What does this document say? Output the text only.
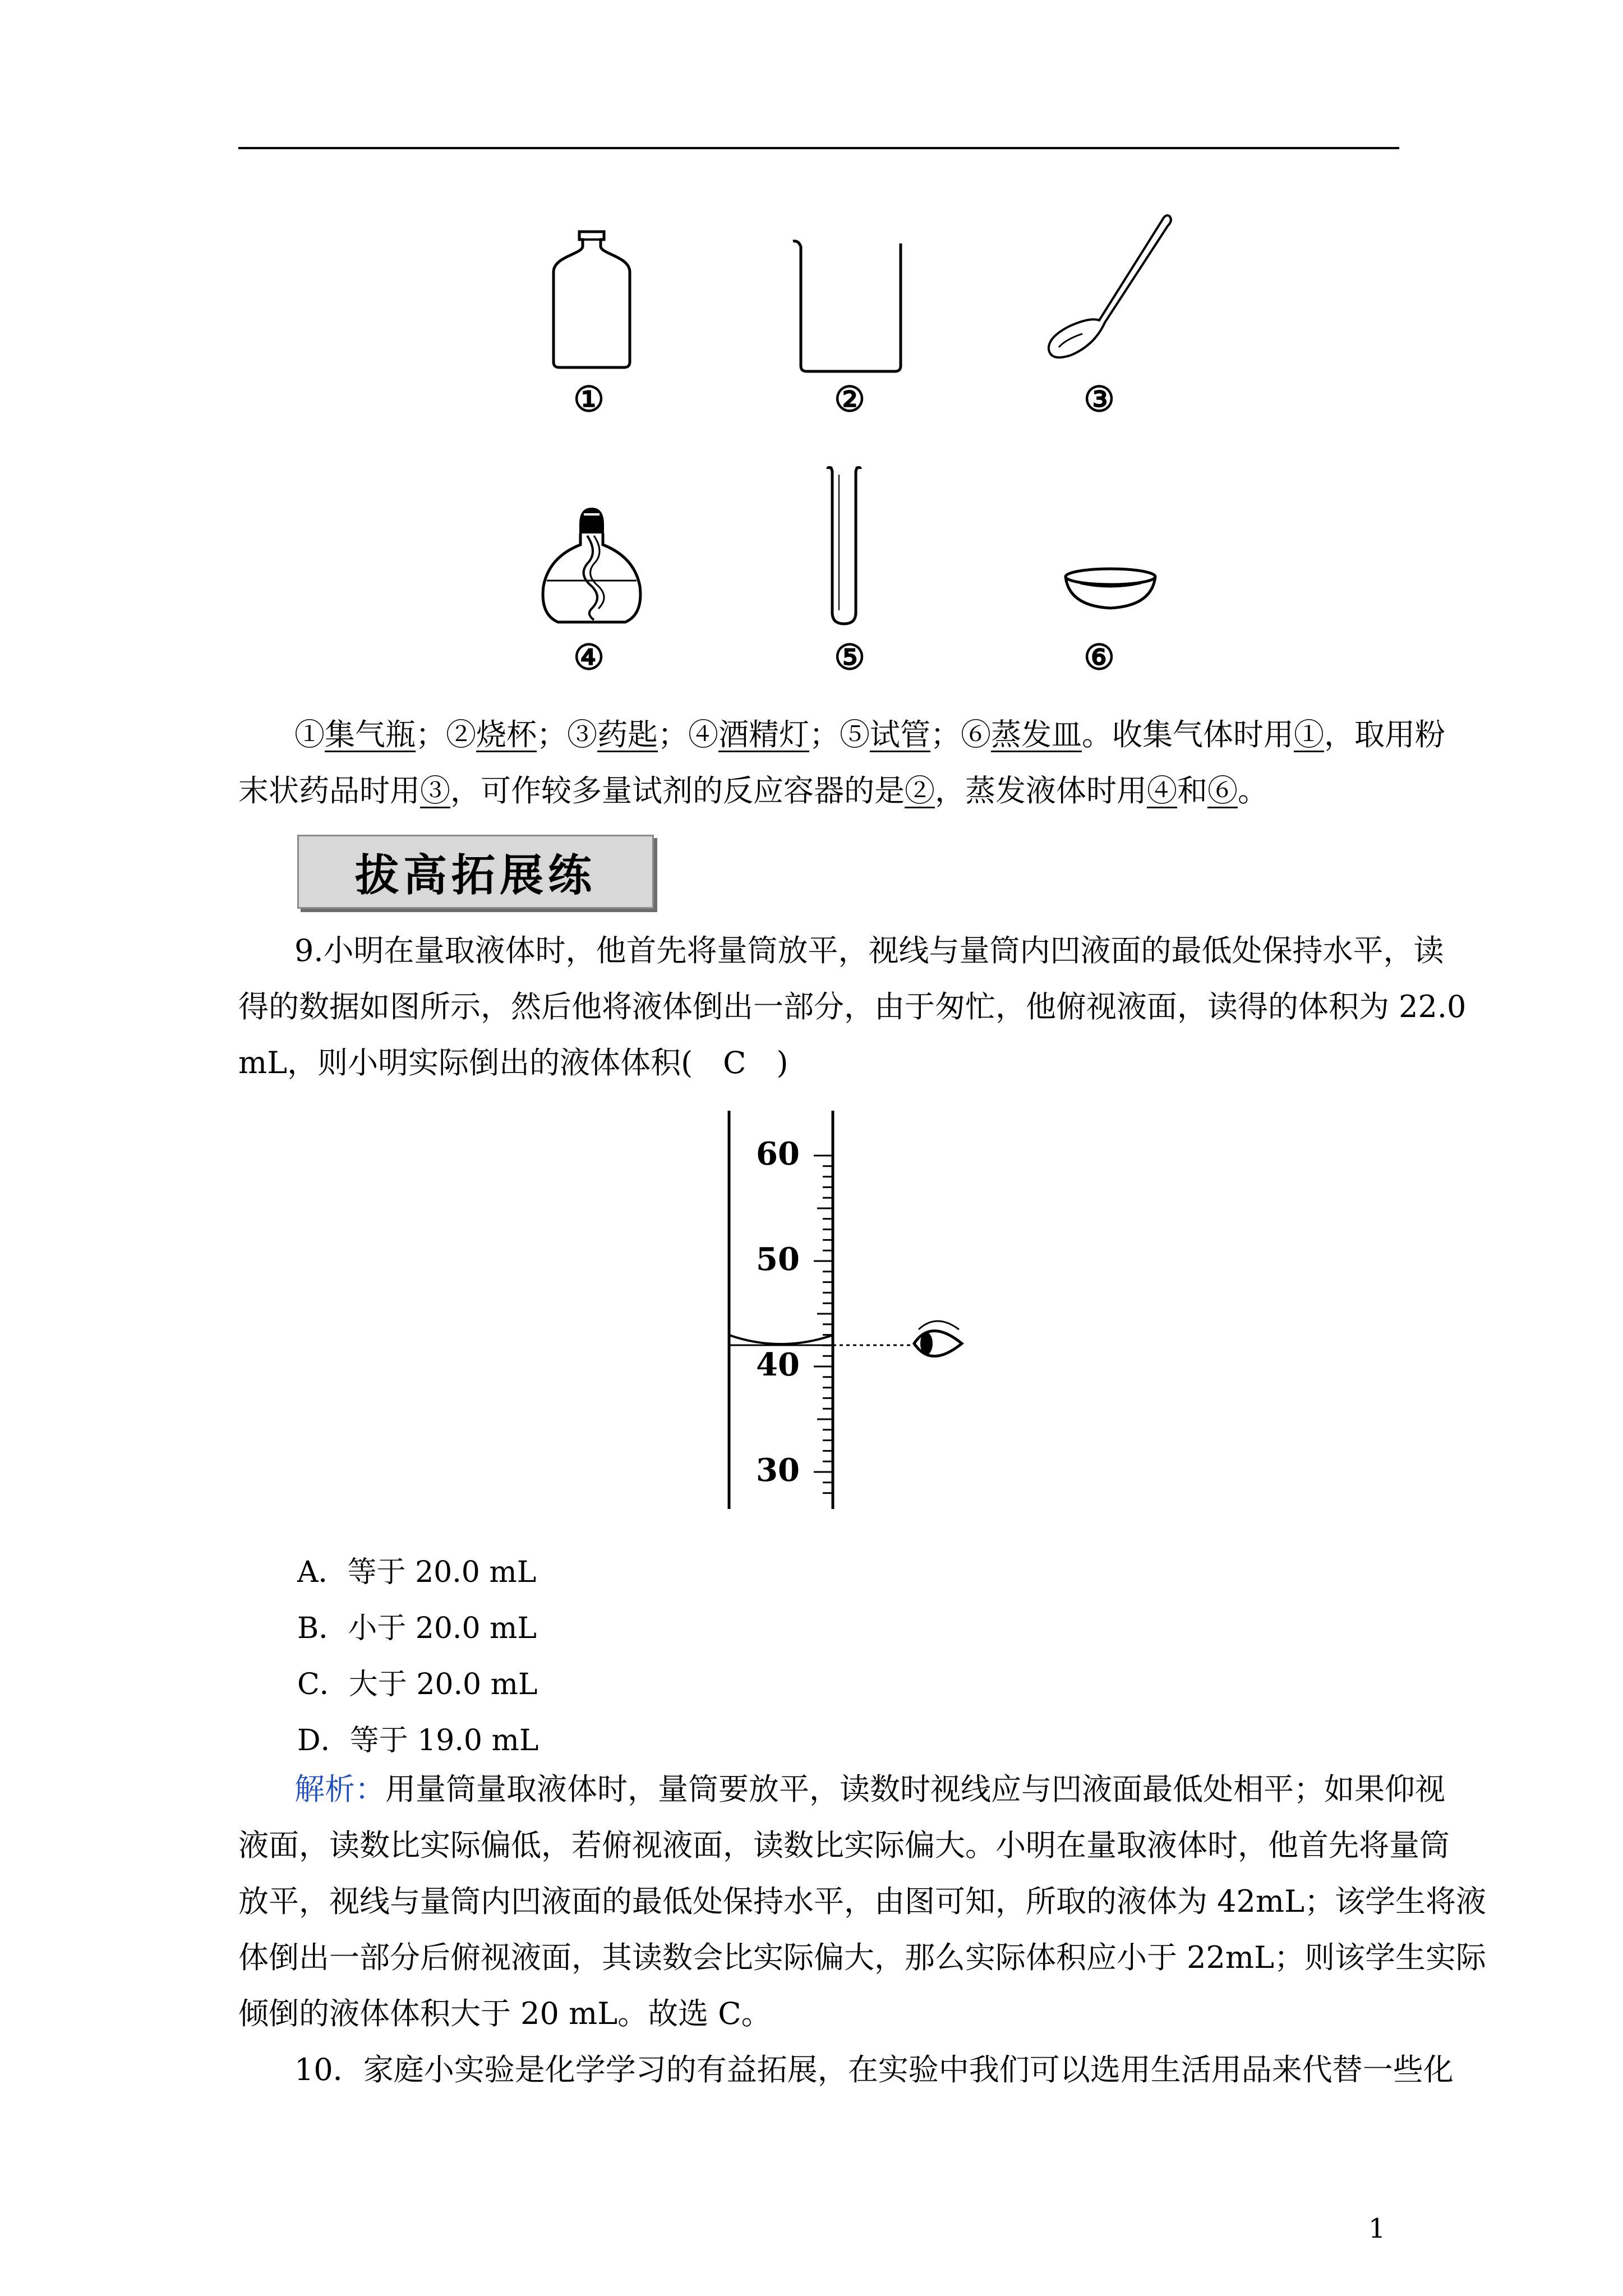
①	②	③
④	⑤	⑥
①集气瓶；②烧杯；③药匙；④酒精灯；⑤试管；⑥蒸发皿。收集气体时用①，取用粉
末状药品时用③，可作较多量试剂的反应容器的是②，蒸发液体时用④和⑥。
拔高拓展练
9.小明在量取液体时，他首先将量筒放平，视线与量筒内凹液面的最低处保持水平，读
得的数据如图所示，然后他将液体倒出一部分，由于匆忙，他俯视液面，读得的体积为 22.0
mL，则小明实际倒出的液体体积(　C　)
60
50
40
30
A．等于 20.0 mL
B．小于 20.0 mL
C．大于 20.0 mL
D．等于 19.0 mL
解析：用量筒量取液体时，量筒要放平，读数时视线应与凹液面最低处相平；如果仰视
液面，读数比实际偏低，若俯视液面，读数比实际偏大。小明在量取液体时，他首先将量筒
放平，视线与量筒内凹液面的最低处保持水平，由图可知，所取的液体为 42mL；该学生将液
体倒出一部分后俯视液面，其读数会比实际偏大，那么实际体积应小于 22mL；则该学生实际
倾倒的液体体积大于 20 mL。故选 C。
10．家庭小实验是化学学习的有益拓展，在实验中我们可以选用生活用品来代替一些化
1
